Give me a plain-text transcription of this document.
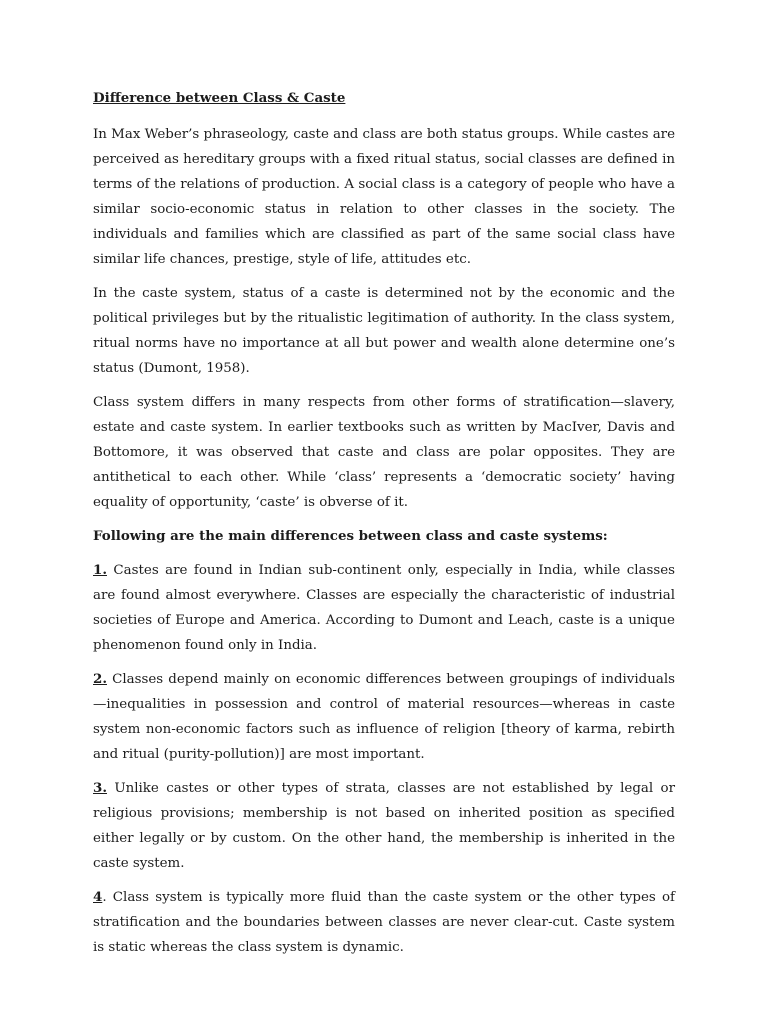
Difference between Class & Caste

In Max Weber’s phraseology, caste and class are both status groups. While castes are perceived as hereditary groups with a fixed ritual status, social classes are defined in terms of the relations of production. A social class is a category of people who have a similar socio-economic status in relation to other classes in the society. The individuals and families which are classified as part of the same social class have similar life chances, prestige, style of life, attitudes etc.

In the caste system, status of a caste is determined not by the economic and the political privileges but by the ritualistic legitimation of authority. In the class system, ritual norms have no importance at all but power and wealth alone determine one’s status (Dumont, 1958).

Class system differs in many respects from other forms of stratification—slavery, estate and caste system. In earlier textbooks such as written by MacIver, Davis and Bottomore, it was observed that caste and class are polar opposites. They are antithetical to each other. While ‘class’ represents a ‘democratic society’ having equality of opportunity, ‘caste’ is obverse of it.

Following are the main differences between class and caste systems:

1. Castes are found in Indian sub-continent only, especially in India, while classes are found almost everywhere. Classes are especially the characteristic of industrial societies of Europe and America. According to Dumont and Leach, caste is a unique phenomenon found only in India.

2. Classes depend mainly on economic differences between groupings of individuals—inequalities in possession and control of material resources—whereas in caste system non-economic factors such as influence of religion [theory of karma, rebirth and ritual (purity-pollution)] are most important.

3. Unlike castes or other types of strata, classes are not established by legal or religious provisions; membership is not based on inherited position as specified either legally or by custom. On the other hand, the membership is inherited in the caste system.

4. Class system is typically more fluid than the caste system or the other types of stratification and the boundaries between classes are never clear-cut. Caste system is static whereas the class system is dynamic.
